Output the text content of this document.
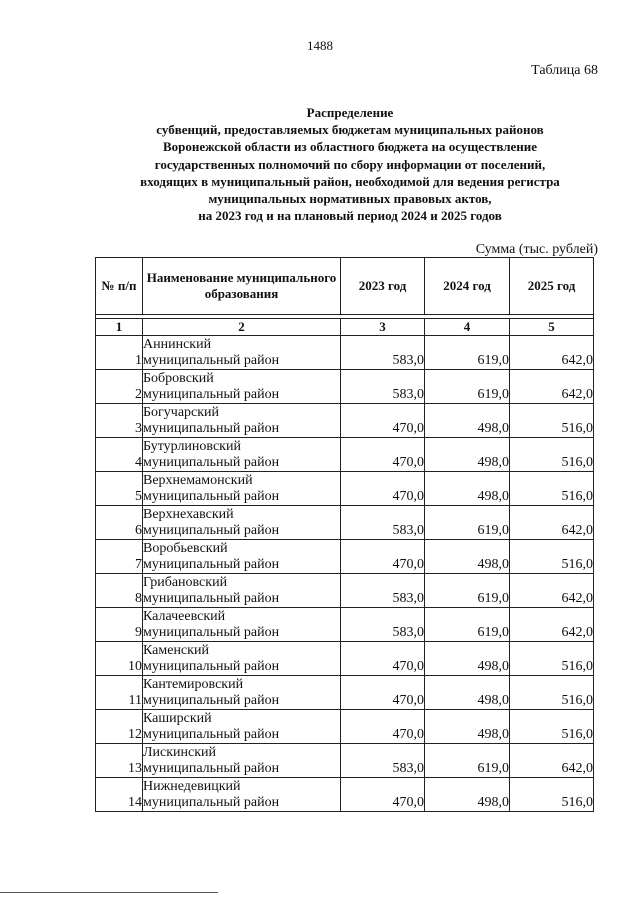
1488
Таблица 68
Распределение
субвенций, предоставляемых бюджетам муниципальных районов
Воронежской области из областного бюджета на осуществление
государственных полномочий по сбору информации от поселений,
входящих в муниципальный район, необходимой для ведения регистра
муниципальных нормативных правовых актов,
на 2023 год и на плановый период 2024 и 2025 годов
Сумма (тыс. рублей)
№ п/п	Наименование муниципального образования	2023 год	2024 год	2025 год

1	2	3	4	5
1	Аннинский
муниципальный район	583,0	619,0	642,0
2	Бобровский
муниципальный район	583,0	619,0	642,0
3	Богучарский
муниципальный район	470,0	498,0	516,0
4	Бутурлиновский
муниципальный район	470,0	498,0	516,0
5	Верхнемамонский
муниципальный район	470,0	498,0	516,0
6	Верхнехавский
муниципальный район	583,0	619,0	642,0
7	Воробьевский
муниципальный район	470,0	498,0	516,0
8	Грибановский
муниципальный район	583,0	619,0	642,0
9	Калачеевский
муниципальный район	583,0	619,0	642,0
10	Каменский
муниципальный район	470,0	498,0	516,0
11	Кантемировский
муниципальный район	470,0	498,0	516,0
12	Каширский
муниципальный район	470,0	498,0	516,0
13	Лискинский
муниципальный район	583,0	619,0	642,0
14	Нижнедевицкий
муниципальный район	470,0	498,0	516,0
